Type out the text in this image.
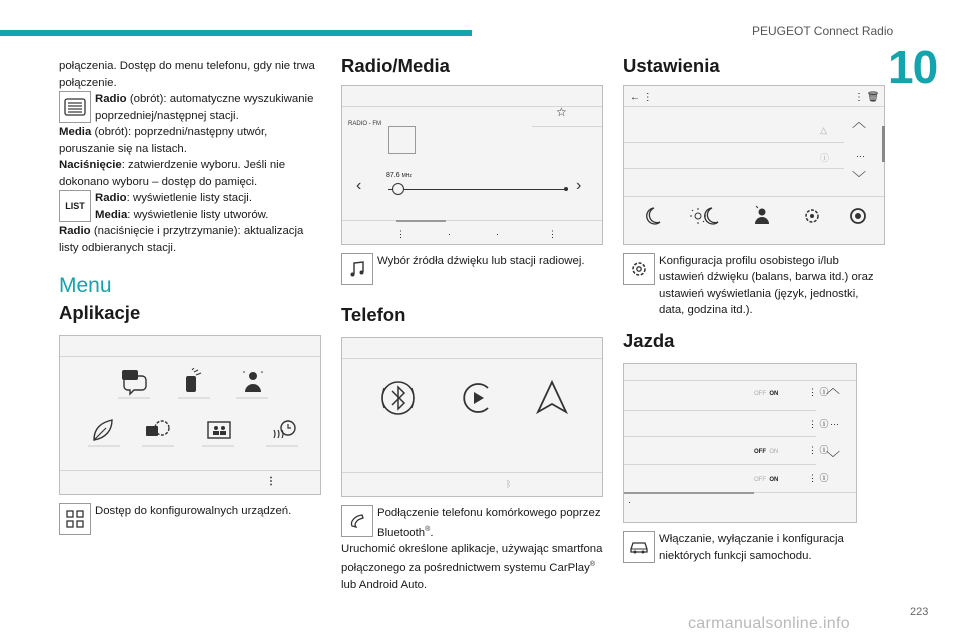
PEUGEOT Connect Radio
10
połączenia. Dostęp do menu telefonu, gdy nie trwa połączenie.
Radio (obrót): automatyczne wyszukiwanie poprzedniej/następnej stacji.
Media (obrót): poprzedni/następny utwór, poruszanie się na listach.
Naciśnięcie: zatwierdzenie wyboru. Jeśli nie dokonano wyboru – dostęp do pamięci.
LIST
Radio: wyświetlenie listy stacji.
Media: wyświetlenie listy utworów.
Radio (naciśnięcie i przytrzymanie): aktualizacja listy odbieranych stacji.
Menu
Aplikacje
⋮
Dostęp do konfigurowalnych urządzeń.
Radio/Media
RADIO - FM
☆
87.6 MHz
‹	›
⋮	·	·	⋮
Wybór źródła dźwięku lub stacji radiowej.
Telefon
ᛒ
Podłączenie telefonu komórkowego poprzez Bluetooth®.
Uruchomić określone aplikacje, używając smartfona połączonego za pośrednictwem systemu CarPlay® lub Android Auto.
Ustawienia
← ⋮	⋮ 🗑
△
ⓘ
︿
···
﹀
Konfiguracja profilu osobistego i/lub ustawień dźwięku (balans, barwa itd.) oraz ustawień wyświetlania (język, jednostki, data, godzina itd.).
Jazda
OFF ON	⋮ ⓘ
⋮ ⓘ
OFF ON	⋮ ⓘ
OFF ON	⋮ ⓘ
︿
···
﹀
·
Włączanie, wyłączanie i konfiguracja niektórych funkcji samochodu.
223
carmanualsonline.info
